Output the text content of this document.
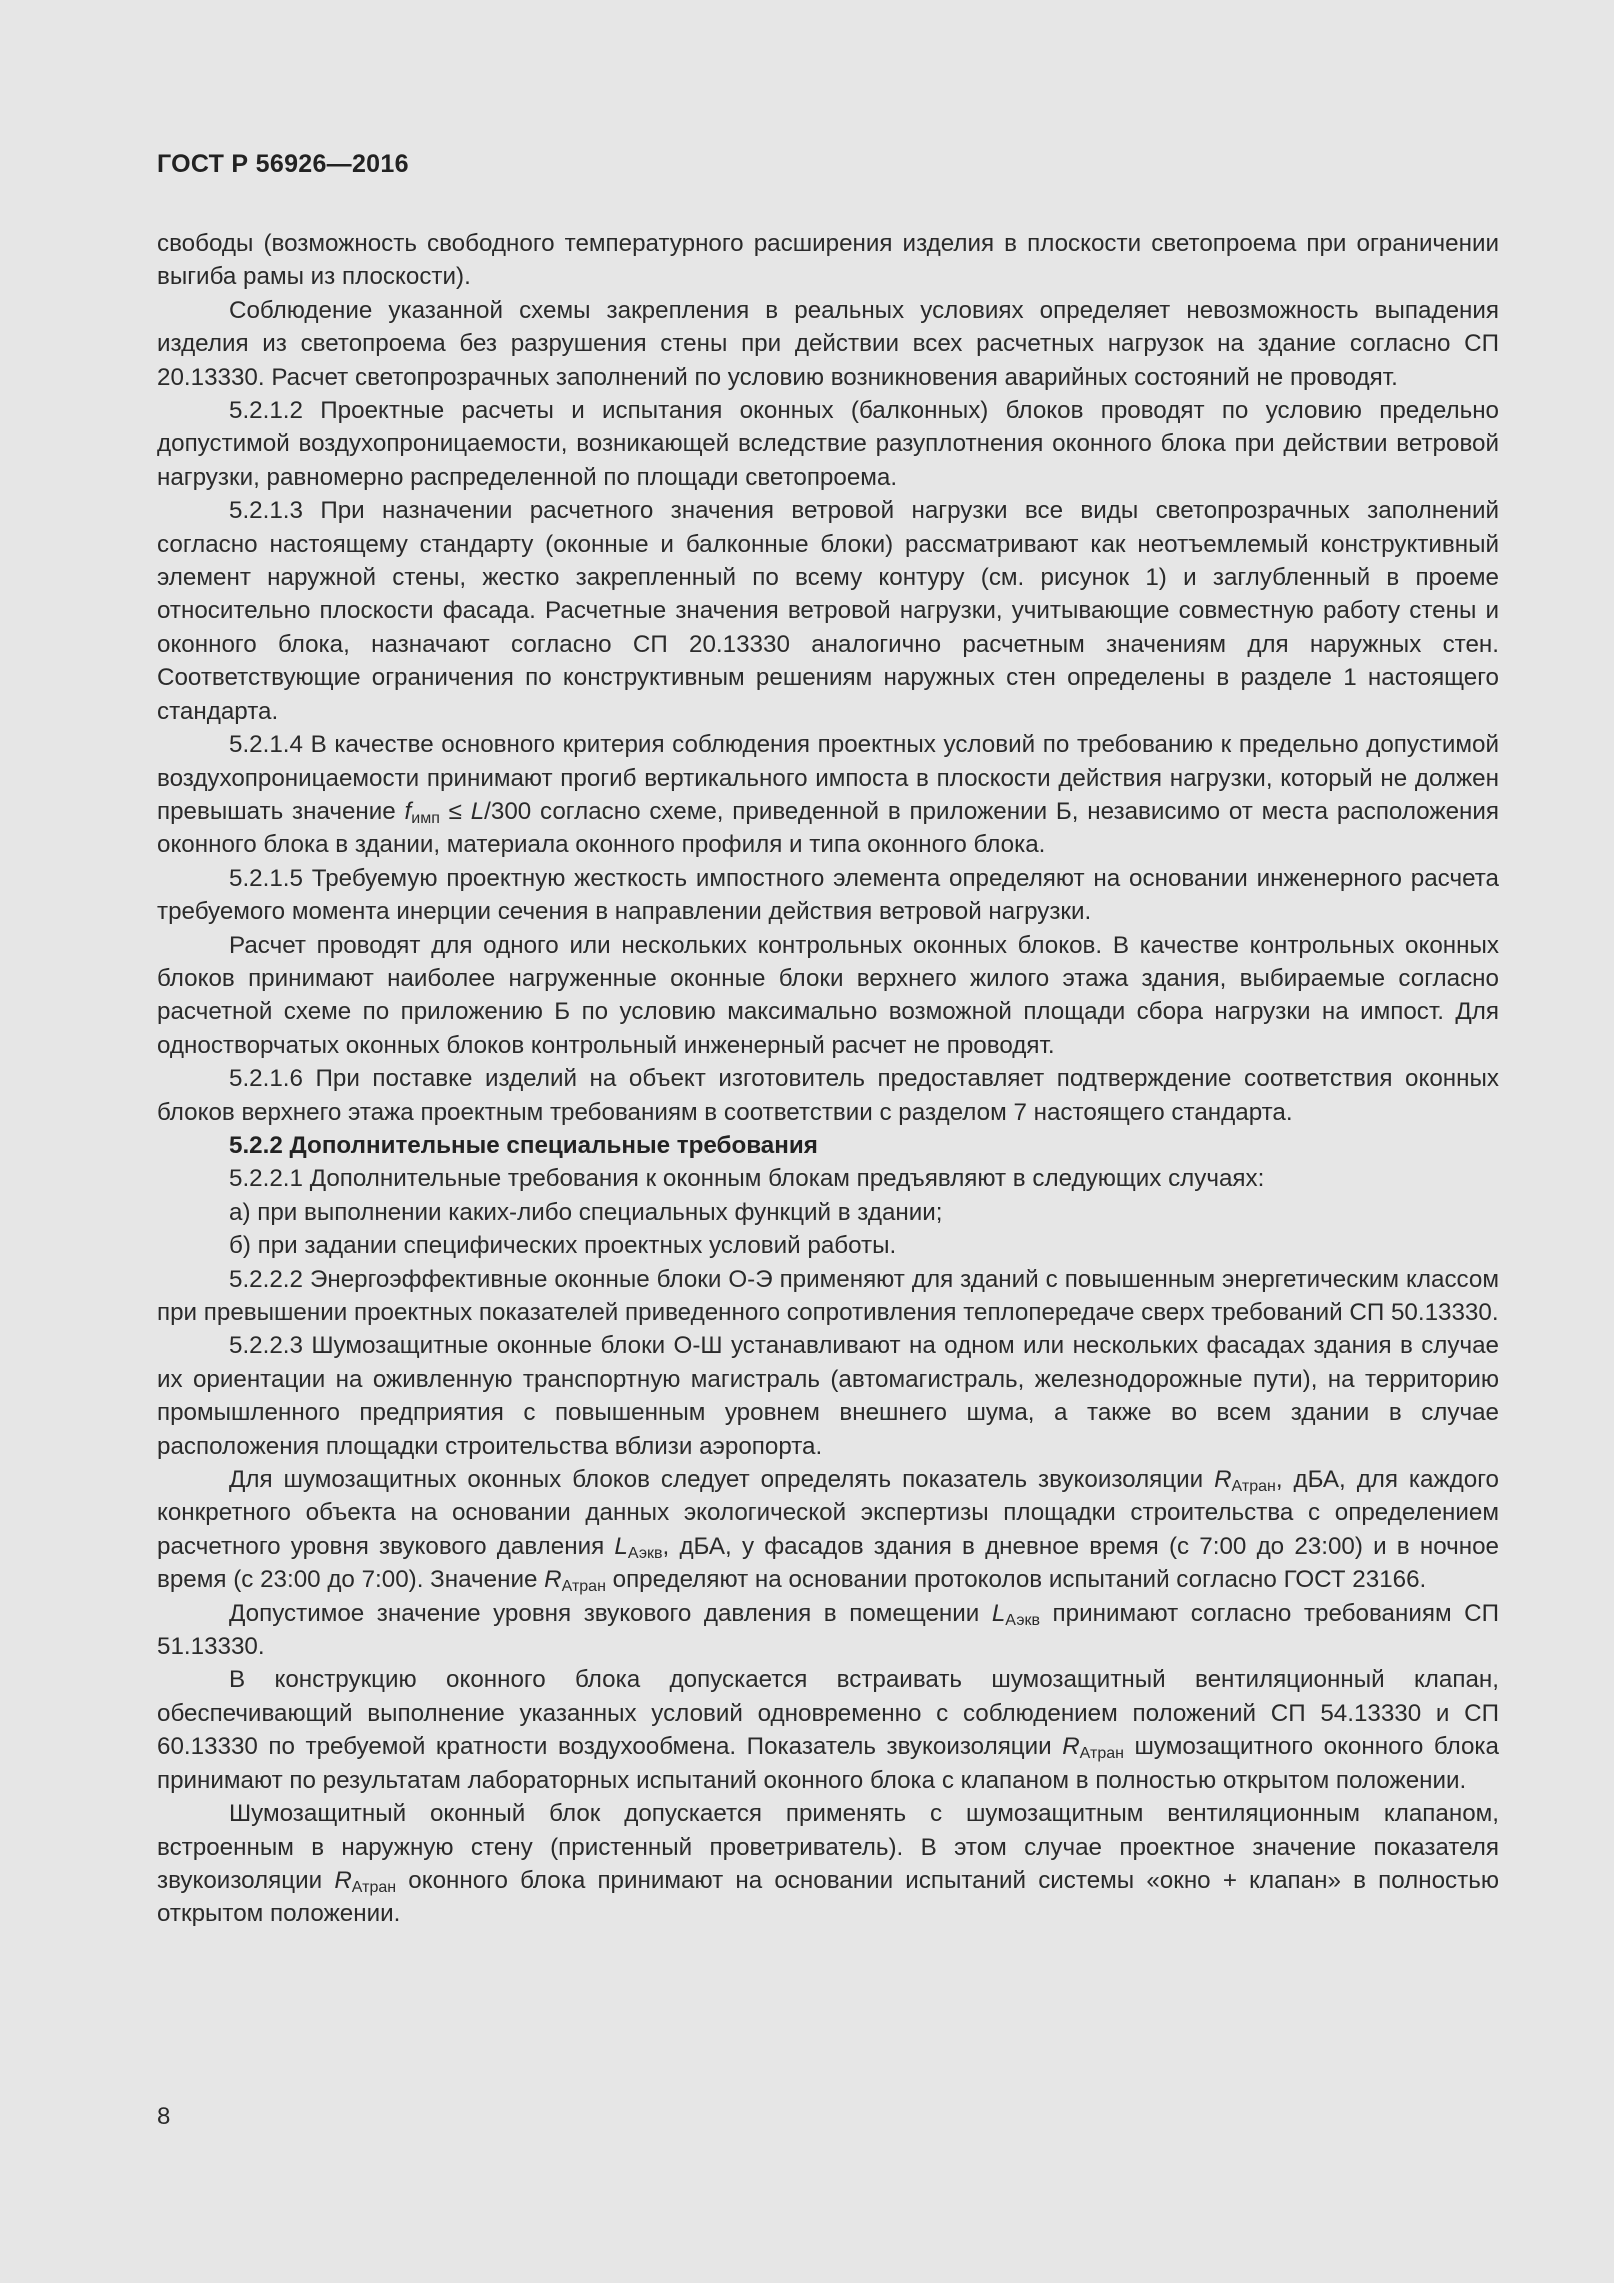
ГОСТ Р 56926—2016

свободы (возможность свободного температурного расширения изделия в плоскости светопроема при ограничении выгиба рамы из плоскости).

Соблюдение указанной схемы закрепления в реальных условиях определяет невозможность выпадения изделия из светопроема без разрушения стены при действии всех расчетных нагрузок на здание согласно СП 20.13330. Расчет светопрозрачных заполнений по условию возникновения аварийных состояний не проводят.

5.2.1.2 Проектные расчеты и испытания оконных (балконных) блоков проводят по условию предельно допустимой воздухопроницаемости, возникающей вследствие разуплотнения оконного блока при действии ветровой нагрузки, равномерно распределенной по площади светопроема.

5.2.1.3 При назначении расчетного значения ветровой нагрузки все виды светопрозрачных заполнений согласно настоящему стандарту (оконные и балконные блоки) рассматривают как неотъемлемый конструктивный элемент наружной стены, жестко закрепленный по всему контуру (см. рисунок 1) и заглубленный в проеме относительно плоскости фасада. Расчетные значения ветровой нагрузки, учитывающие совместную работу стены и оконного блока, назначают согласно СП 20.13330 аналогично расчетным значениям для наружных стен. Соответствующие ограничения по конструктивным решениям наружных стен определены в разделе 1 настоящего стандарта.

5.2.1.4 В качестве основного критерия соблюдения проектных условий по требованию к предельно допустимой воздухопроницаемости принимают прогиб вертикального импоста в плоскости действия нагрузки, который не должен превышать значение $f_{имп} \le L/300$ согласно схеме, приведенной в приложении Б, независимо от места расположения оконного блока в здании, материала оконного профиля и типа оконного блока.

5.2.1.5 Требуемую проектную жесткость импостного элемента определяют на основании инженерного расчета требуемого момента инерции сечения в направлении действия ветровой нагрузки.

Расчет проводят для одного или нескольких контрольных оконных блоков. В качестве контрольных оконных блоков принимают наиболее нагруженные оконные блоки верхнего жилого этажа здания, выбираемые согласно расчетной схеме по приложению Б по условию максимально возможной площади сбора нагрузки на импост. Для одностворчатых оконных блоков контрольный инженерный расчет не проводят.

5.2.1.6 При поставке изделий на объект изготовитель предоставляет подтверждение соответствия оконных блоков верхнего этажа проектным требованиям в соответствии с разделом 7 настоящего стандарта.

5.2.2 Дополнительные специальные требования

5.2.2.1 Дополнительные требования к оконным блокам предъявляют в следующих случаях:

а) при выполнении каких-либо специальных функций в здании;

б) при задании специфических проектных условий работы.

5.2.2.2 Энергоэффективные оконные блоки О-Э применяют для зданий с повышенным энергетическим классом при превышении проектных показателей приведенного сопротивления теплопередаче сверх требований СП 50.13330.

5.2.2.3 Шумозащитные оконные блоки О-Ш устанавливают на одном или нескольких фасадах здания в случае их ориентации на оживленную транспортную магистраль (автомагистраль, железнодорожные пути), на территорию промышленного предприятия с повышенным уровнем внешнего шума, а также во всем здании в случае расположения площадки строительства вблизи аэропорта.

Для шумозащитных оконных блоков следует определять показатель звукоизоляции $R_{Атран}$, дБА, для каждого конкретного объекта на основании данных экологической экспертизы площадки строительства с определением расчетного уровня звукового давления $L_{Аэкв}$, дБА, у фасадов здания в дневное время (с 7:00 до 23:00) и в ночное время (с 23:00 до 7:00). Значение $R_{Атран}$ определяют на основании протоколов испытаний согласно ГОСТ 23166.

Допустимое значение уровня звукового давления в помещении $L_{Аэкв}$ принимают согласно требованиям СП 51.13330.

В конструкцию оконного блока допускается встраивать шумозащитный вентиляционный клапан, обеспечивающий выполнение указанных условий одновременно с соблюдением положений СП 54.13330 и СП 60.13330 по требуемой кратности воздухообмена. Показатель звукоизоляции $R_{Атран}$ шумозащитного оконного блока принимают по результатам лабораторных испытаний оконного блока с клапаном в полностью открытом положении.

Шумозащитный оконный блок допускается применять с шумозащитным вентиляционным клапаном, встроенным в наружную стену (пристенный проветриватель). В этом случае проектное значение показателя звукоизоляции $R_{Атран}$ оконного блока принимают на основании испытаний системы «окно + клапан» в полностью открытом положении.

8
